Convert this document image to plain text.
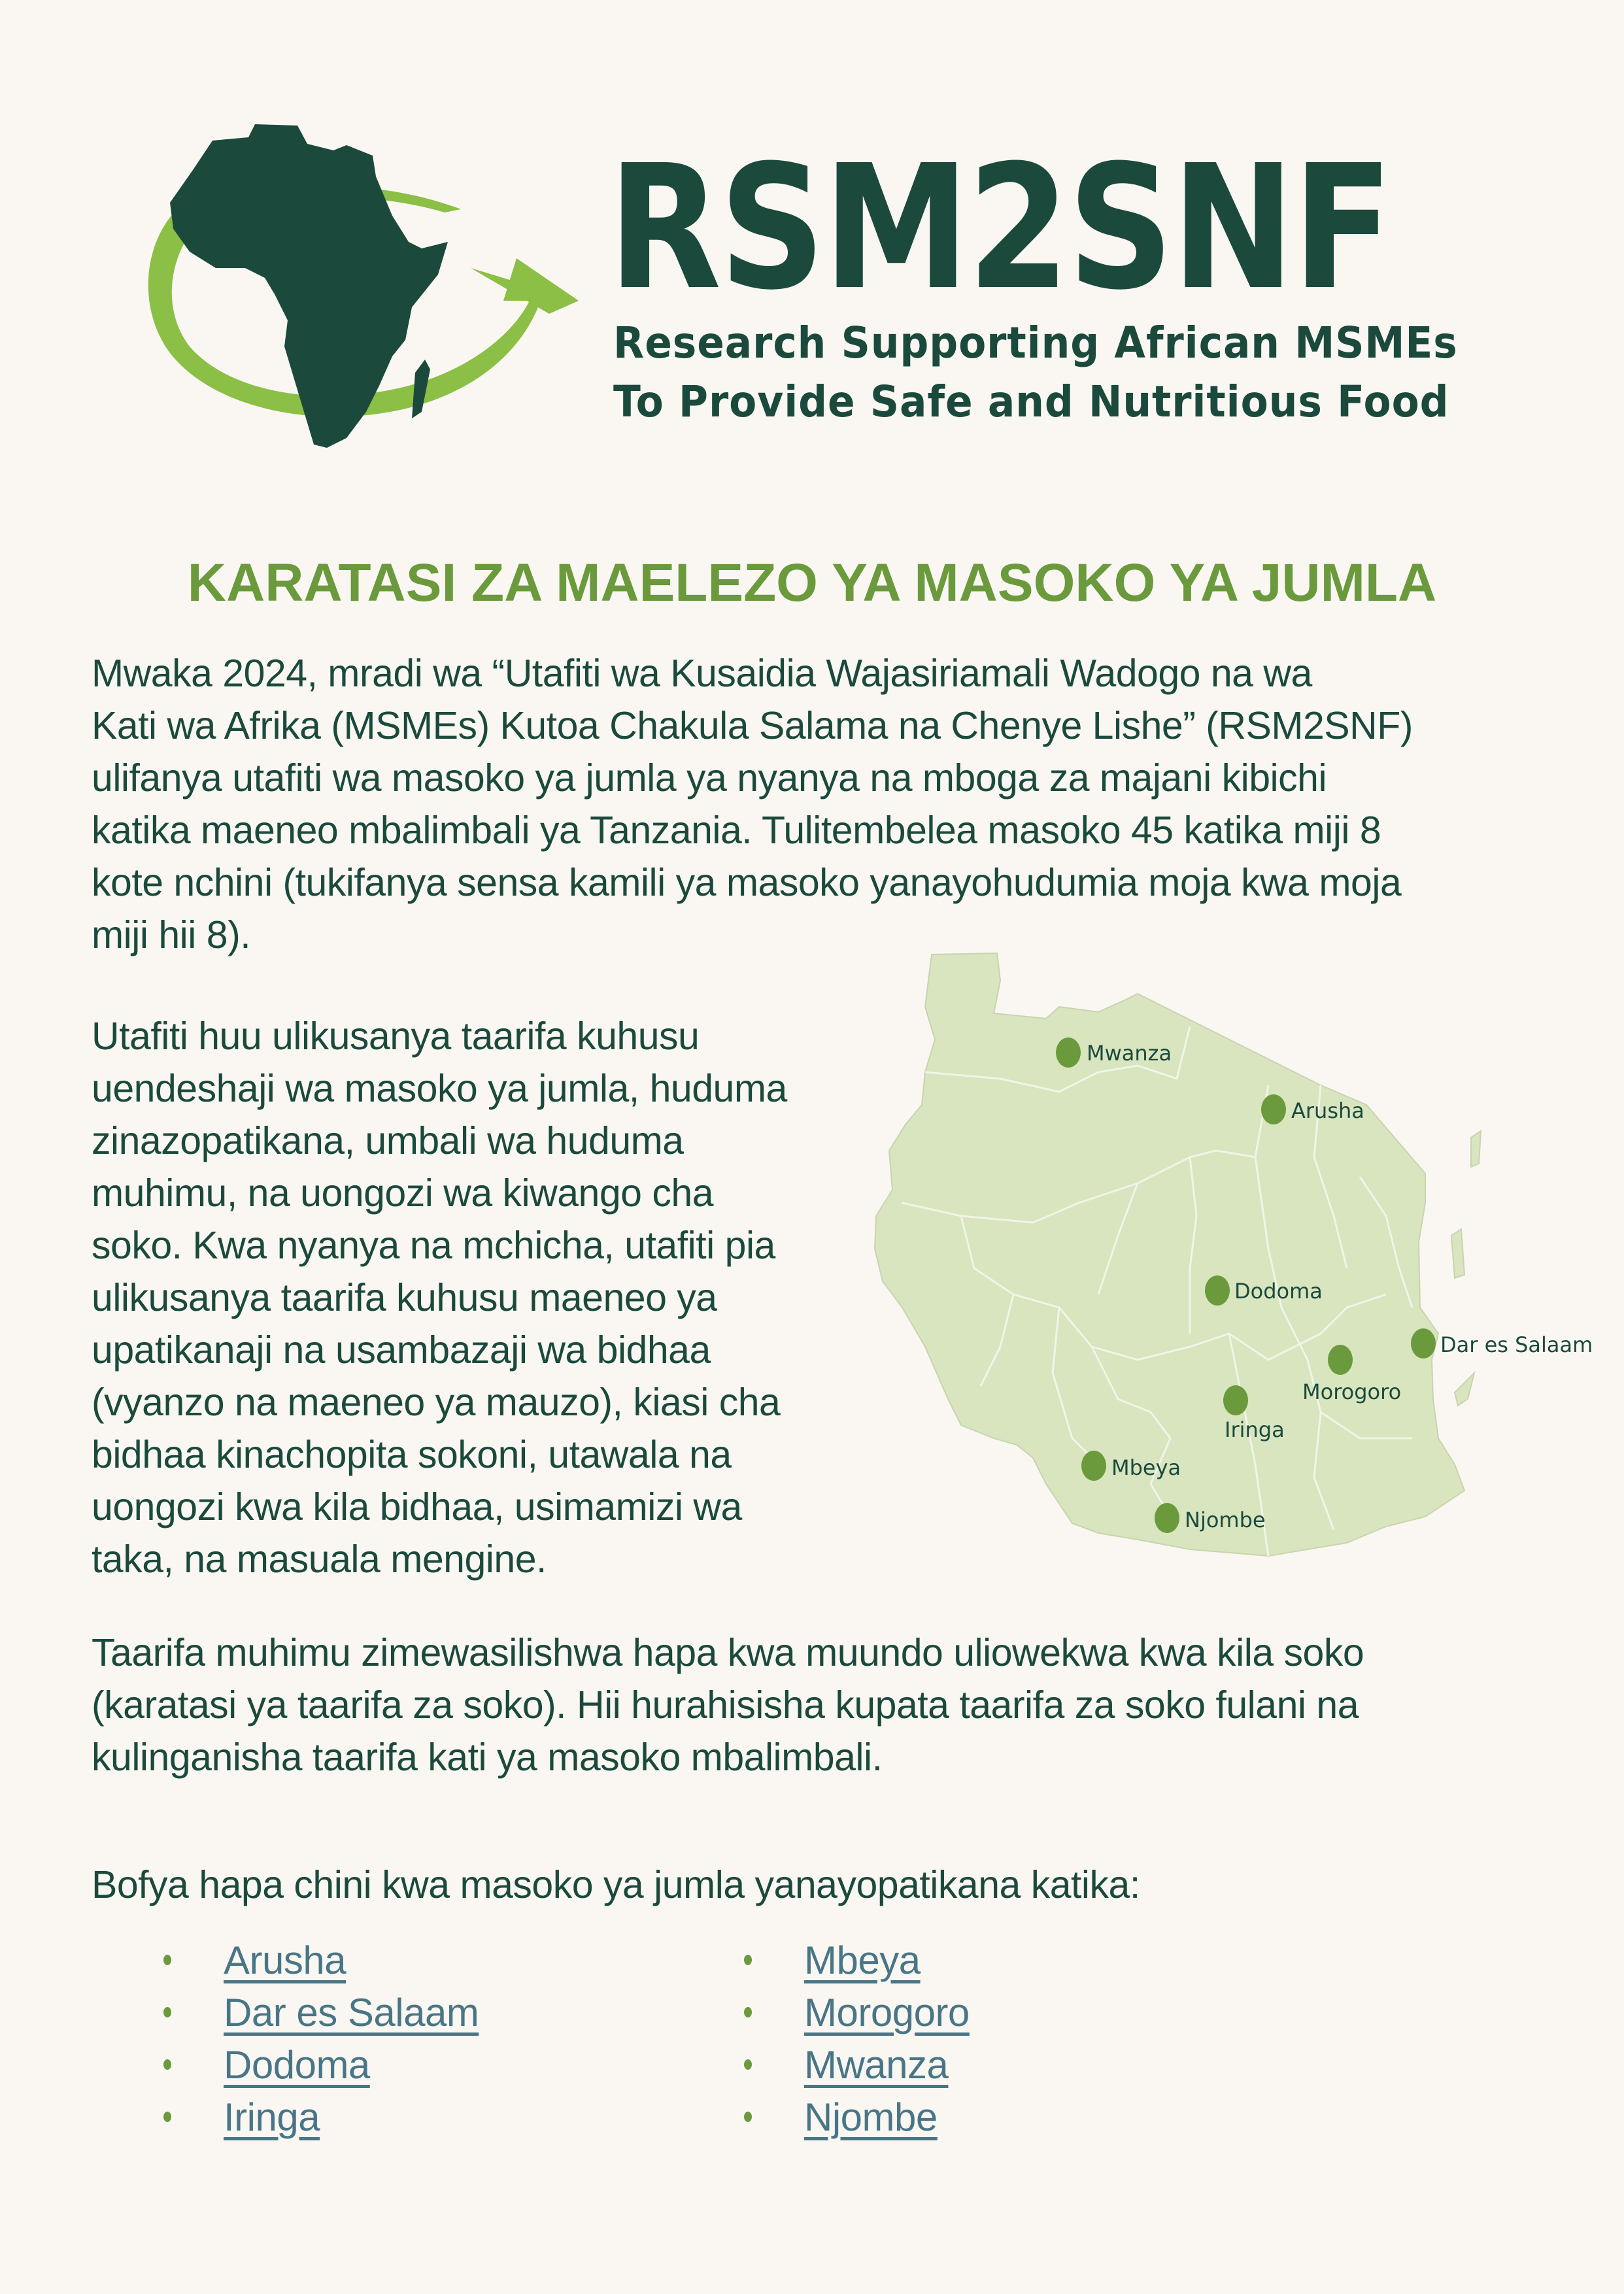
RSM2SNF
Research Supporting African MSMEs
To Provide Safe and Nutritious Food
KARATASI ZA MAELEZO YA MASOKO YA JUMLA
Mwaka 2024, mradi wa “Utafiti wa Kusaidia Wajasiriamali Wadogo na wa
Kati wa Afrika (MSMEs) Kutoa Chakula Salama na Chenye Lishe” (RSM2SNF)
ulifanya utafiti wa masoko ya jumla ya nyanya na mboga za majani kibichi
katika maeneo mbalimbali ya Tanzania. Tulitembelea masoko 45 katika miji 8
kote nchini (tukifanya sensa kamili ya masoko yanayohudumia moja kwa moja
miji hii 8).
Utafiti huu ulikusanya taarifa kuhusu
uendeshaji wa masoko ya jumla, huduma
zinazopatikana, umbali wa huduma
muhimu, na uongozi wa kiwango cha
soko. Kwa nyanya na mchicha, utafiti pia
ulikusanya taarifa kuhusu maeneo ya
upatikanaji na usambazaji wa bidhaa
(vyanzo na maeneo ya mauzo), kiasi cha
bidhaa kinachopita sokoni, utawala na
uongozi kwa kila bidhaa, usimamizi wa
taka, na masuala mengine.
Mwanza
Arusha
Dodoma
Dar es Salaam
Morogoro
Iringa
Mbeya
Njombe
Taarifa muhimu zimewasilishwa hapa kwa muundo uliowekwa kwa kila soko
(karatasi ya taarifa za soko). Hii hurahisisha kupata taarifa za soko fulani na
kulinganisha taarifa kati ya masoko mbalimbali.
Bofya hapa chini kwa masoko ya jumla yanayopatikana katika:
Arusha
Dar es Salaam
Dodoma
Iringa
Mbeya
Morogoro
Mwanza
Njombe
